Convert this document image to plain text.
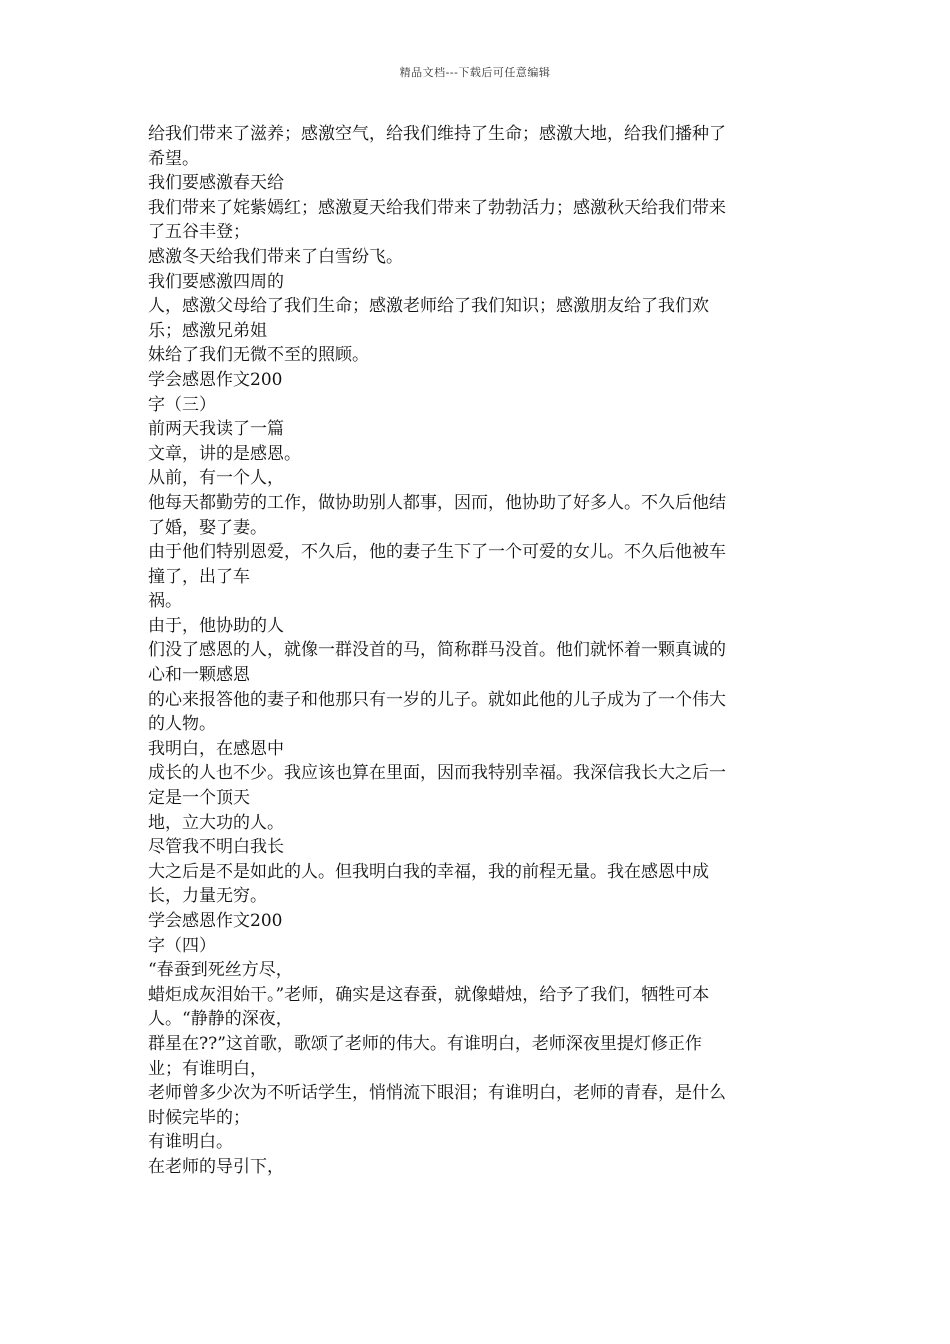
精品文档---下载后可任意编辑
给我们带来了滋养；感激空气，给我们维持了生命；感激大地，给我们播种了
希望。
我们要感激春天给
我们带来了姹紫嫣红；感激夏天给我们带来了勃勃活力；感激秋天给我们带来
了五谷丰登；
感激冬天给我们带来了白雪纷飞。
我们要感激四周的
人，感激父母给了我们生命；感激老师给了我们知识；感激朋友给了我们欢
乐；感激兄弟姐
妹给了我们无微不至的照顾。
学会感恩作文200
字（三）
前两天我读了一篇
文章，讲的是感恩。
从前，有一个人，
他每天都勤劳的工作，做协助别人都事，因而，他协助了好多人。不久后他结
了婚，娶了妻。
由于他们特别恩爱，不久后，他的妻子生下了一个可爱的女儿。不久后他被车
撞了，出了车
祸。
由于，他协助的人
们没了感恩的人，就像一群没首的马，简称群马没首。他们就怀着一颗真诚的
心和一颗感恩
的心来报答他的妻子和他那只有一岁的儿子。就如此他的儿子成为了一个伟大
的人物。
我明白，在感恩中
成长的人也不少。我应该也算在里面，因而我特别幸福。我深信我长大之后一
定是一个顶天
地，立大功的人。
尽管我不明白我长
大之后是不是如此的人。但我明白我的幸福，我的前程无量。我在感恩中成
长，力量无穷。
学会感恩作文200
字（四）
“春蚕到死丝方尽，
蜡炬成灰泪始干。”老师，确实是这春蚕，就像蜡烛，给予了我们，牺牲可本
人。“静静的深夜，
群星在??”这首歌，歌颂了老师的伟大。有谁明白，老师深夜里提灯修正作
业；有谁明白，
老师曾多少次为不听话学生，悄悄流下眼泪；有谁明白，老师的青春，是什么
时候完毕的；
有谁明白。
在老师的导引下，
